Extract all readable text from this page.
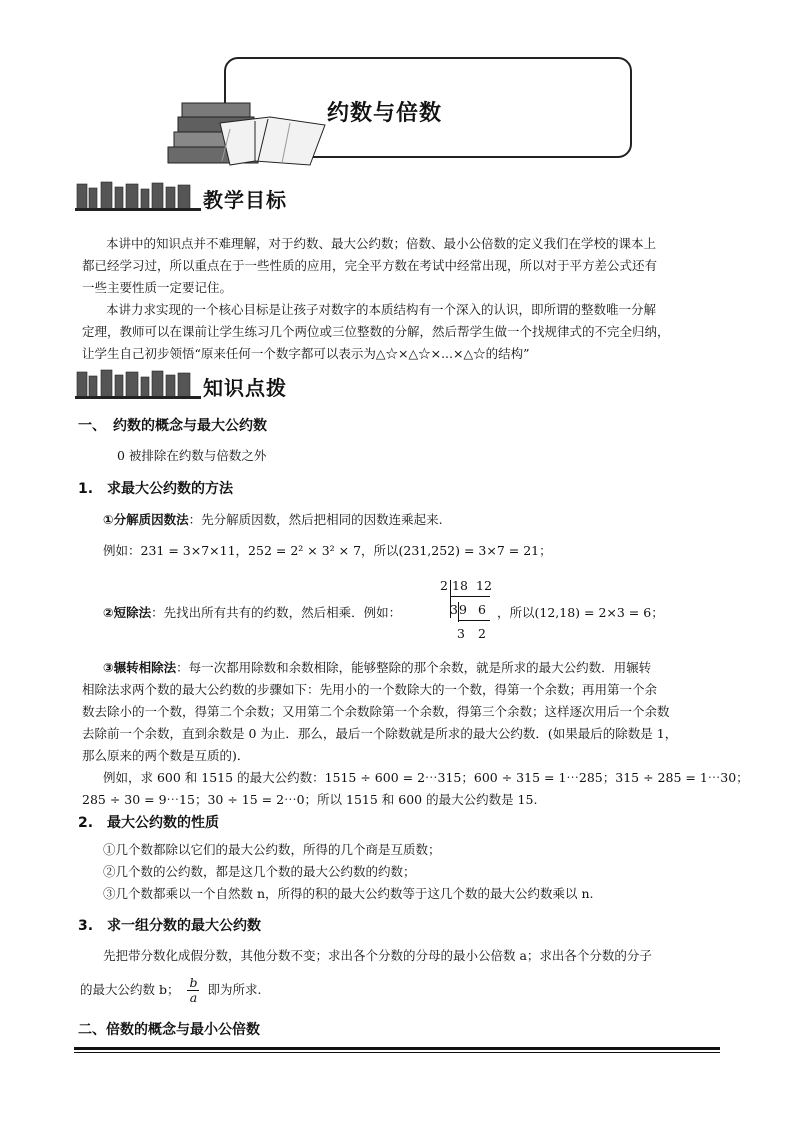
约数与倍数
教学目标
本讲中的知识点并不难理解，对于约数、最大公约数；倍数、最小公倍数的定义我们在学校的课本上
都已经学习过，所以重点在于一些性质的应用，完全平方数在考试中经常出现，所以对于平方差公式还有
一些主要性质一定要记住。
本讲力求实现的一个核心目标是让孩子对数字的本质结构有一个深入的认识，即所谓的整数唯一分解
定理，教师可以在课前让学生练习几个两位或三位整数的分解，然后帮学生做一个找规律式的不完全归纳，
让学生自己初步领悟“原来任何一个数字都可以表示为△☆×△☆×...×△☆的结构”
知识点拨
一、　约数的概念与最大公约数
0 被排除在约数与倍数之外
1.　求最大公约数的方法
①分解质因数法：先分解质因数，然后把相同的因数连乘起来.
例如：231 = 3×7×11，252 = 2² × 3² × 7，所以(231,252) = 3×7 = 21；
②短除法：先找出所有共有的约数，然后相乘．例如：
2 18 12
3 9 6
3 2
，所以(12,18) = 2×3 = 6；
③辗转相除法：每一次都用除数和余数相除，能够整除的那个余数，就是所求的最大公约数．用辗转
相除法求两个数的最大公约数的步骤如下：先用小的一个数除大的一个数，得第一个余数；再用第一个余
数去除小的一个数，得第二个余数；又用第二个余数除第一个余数，得第三个余数；这样逐次用后一个余数
去除前一个余数，直到余数是 0 为止．那么，最后一个除数就是所求的最大公约数．(如果最后的除数是 1，
那么原来的两个数是互质的)．
例如，求 600 和 1515 的最大公约数：1515 ÷ 600 = 2⋯315；600 ÷ 315 = 1⋯285；315 ÷ 285 = 1⋯30；
285 ÷ 30 = 9⋯15；30 ÷ 15 = 2⋯0；所以 1515 和 600 的最大公约数是 15.
2.　最大公约数的性质
①几个数都除以它们的最大公约数，所得的几个商是互质数；
②几个数的公约数，都是这几个数的最大公约数的约数；
③几个数都乘以一个自然数 n，所得的积的最大公约数等于这几个数的最大公约数乘以 n.
3.　求一组分数的最大公约数
先把带分数化成假分数，其他分数不变；求出各个分数的分母的最小公倍数 a；求出各个分数的分子
的最大公约数 b； $\frac{b}{a}$ 即为所求.
二、倍数的概念与最小公倍数
